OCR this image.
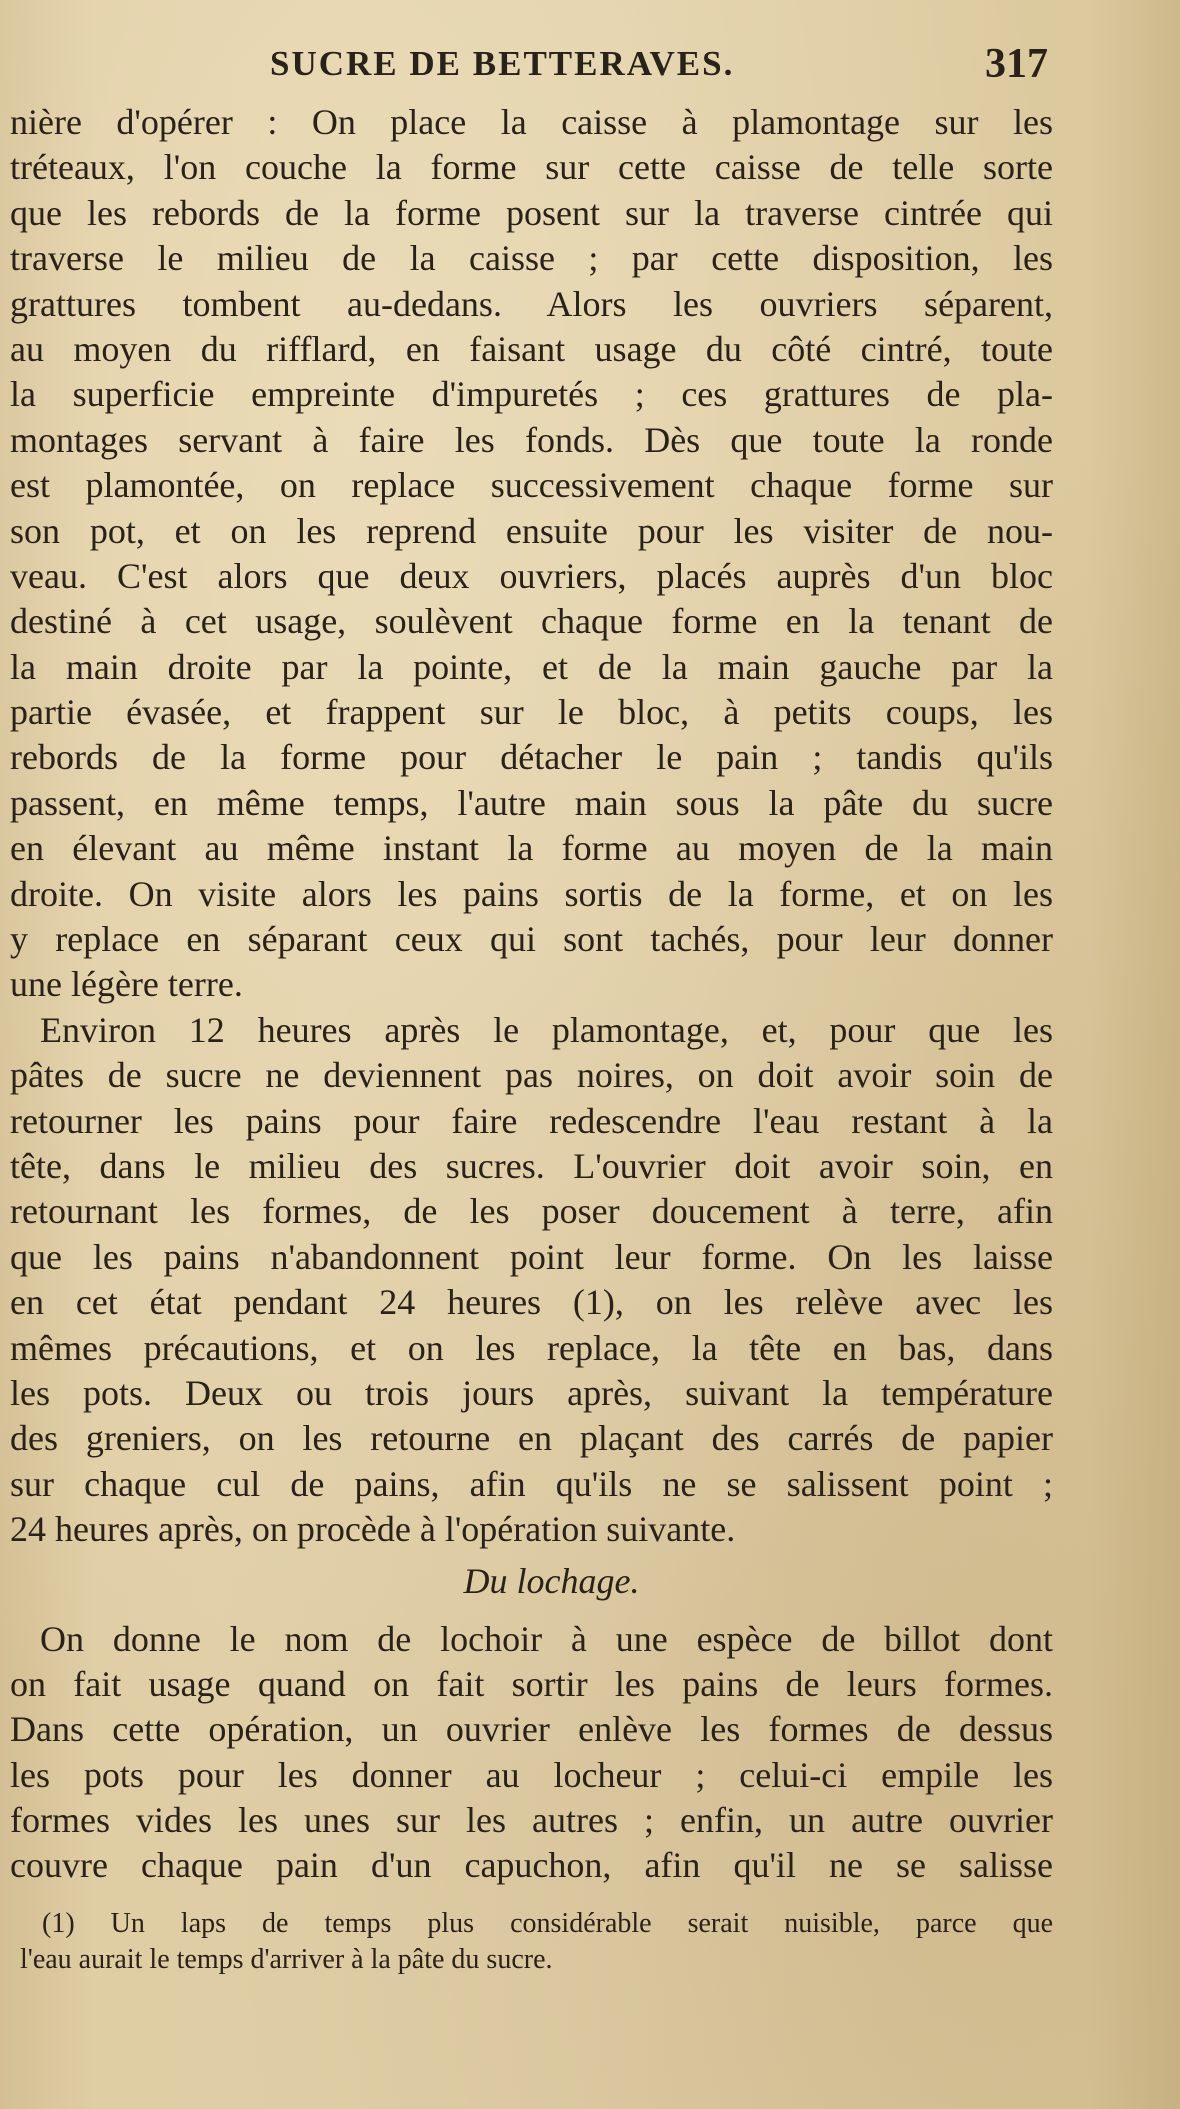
SUCRE DE BETTERAVES.	317
nière d'opérer : On place la caisse à plamontage sur les
tréteaux, l'on couche la forme sur cette caisse de telle sorte
que les rebords de la forme posent sur la traverse cintrée qui
traverse le milieu de la caisse ; par cette disposition, les
grattures tombent au-dedans. Alors les ouvriers séparent,
au moyen du rifflard, en faisant usage du côté cintré, toute
la superficie empreinte d'impuretés ; ces grattures de pla-
montages servant à faire les fonds. Dès que toute la ronde
est plamontée, on replace successivement chaque forme sur
son pot, et on les reprend ensuite pour les visiter de nou-
veau. C'est alors que deux ouvriers, placés auprès d'un bloc
destiné à cet usage, soulèvent chaque forme en la tenant de
la main droite par la pointe, et de la main gauche par la
partie évasée, et frappent sur le bloc, à petits coups, les
rebords de la forme pour détacher le pain ; tandis qu'ils
passent, en même temps, l'autre main sous la pâte du sucre
en élevant au même instant la forme au moyen de la main
droite. On visite alors les pains sortis de la forme, et on les
y replace en séparant ceux qui sont tachés, pour leur donner
une légère terre.
Environ 12 heures après le plamontage, et, pour que les
pâtes de sucre ne deviennent pas noires, on doit avoir soin de
retourner les pains pour faire redescendre l'eau restant à la
tête, dans le milieu des sucres. L'ouvrier doit avoir soin, en
retournant les formes, de les poser doucement à terre, afin
que les pains n'abandonnent point leur forme. On les laisse
en cet état pendant 24 heures (1), on les relève avec les
mêmes précautions, et on les replace, la tête en bas, dans
les pots. Deux ou trois jours après, suivant la température
des greniers, on les retourne en plaçant des carrés de papier
sur chaque cul de pains, afin qu'ils ne se salissent point ;
24 heures après, on procède à l'opération suivante.
Du lochage.
On donne le nom de lochoir à une espèce de billot dont
on fait usage quand on fait sortir les pains de leurs formes.
Dans cette opération, un ouvrier enlève les formes de dessus
les pots pour les donner au locheur ; celui-ci empile les
formes vides les unes sur les autres ; enfin, un autre ouvrier
couvre chaque pain d'un capuchon, afin qu'il ne se salisse
(1) Un laps de temps plus considérable serait nuisible, parce que
l'eau aurait le temps d'arriver à la pâte du sucre.
